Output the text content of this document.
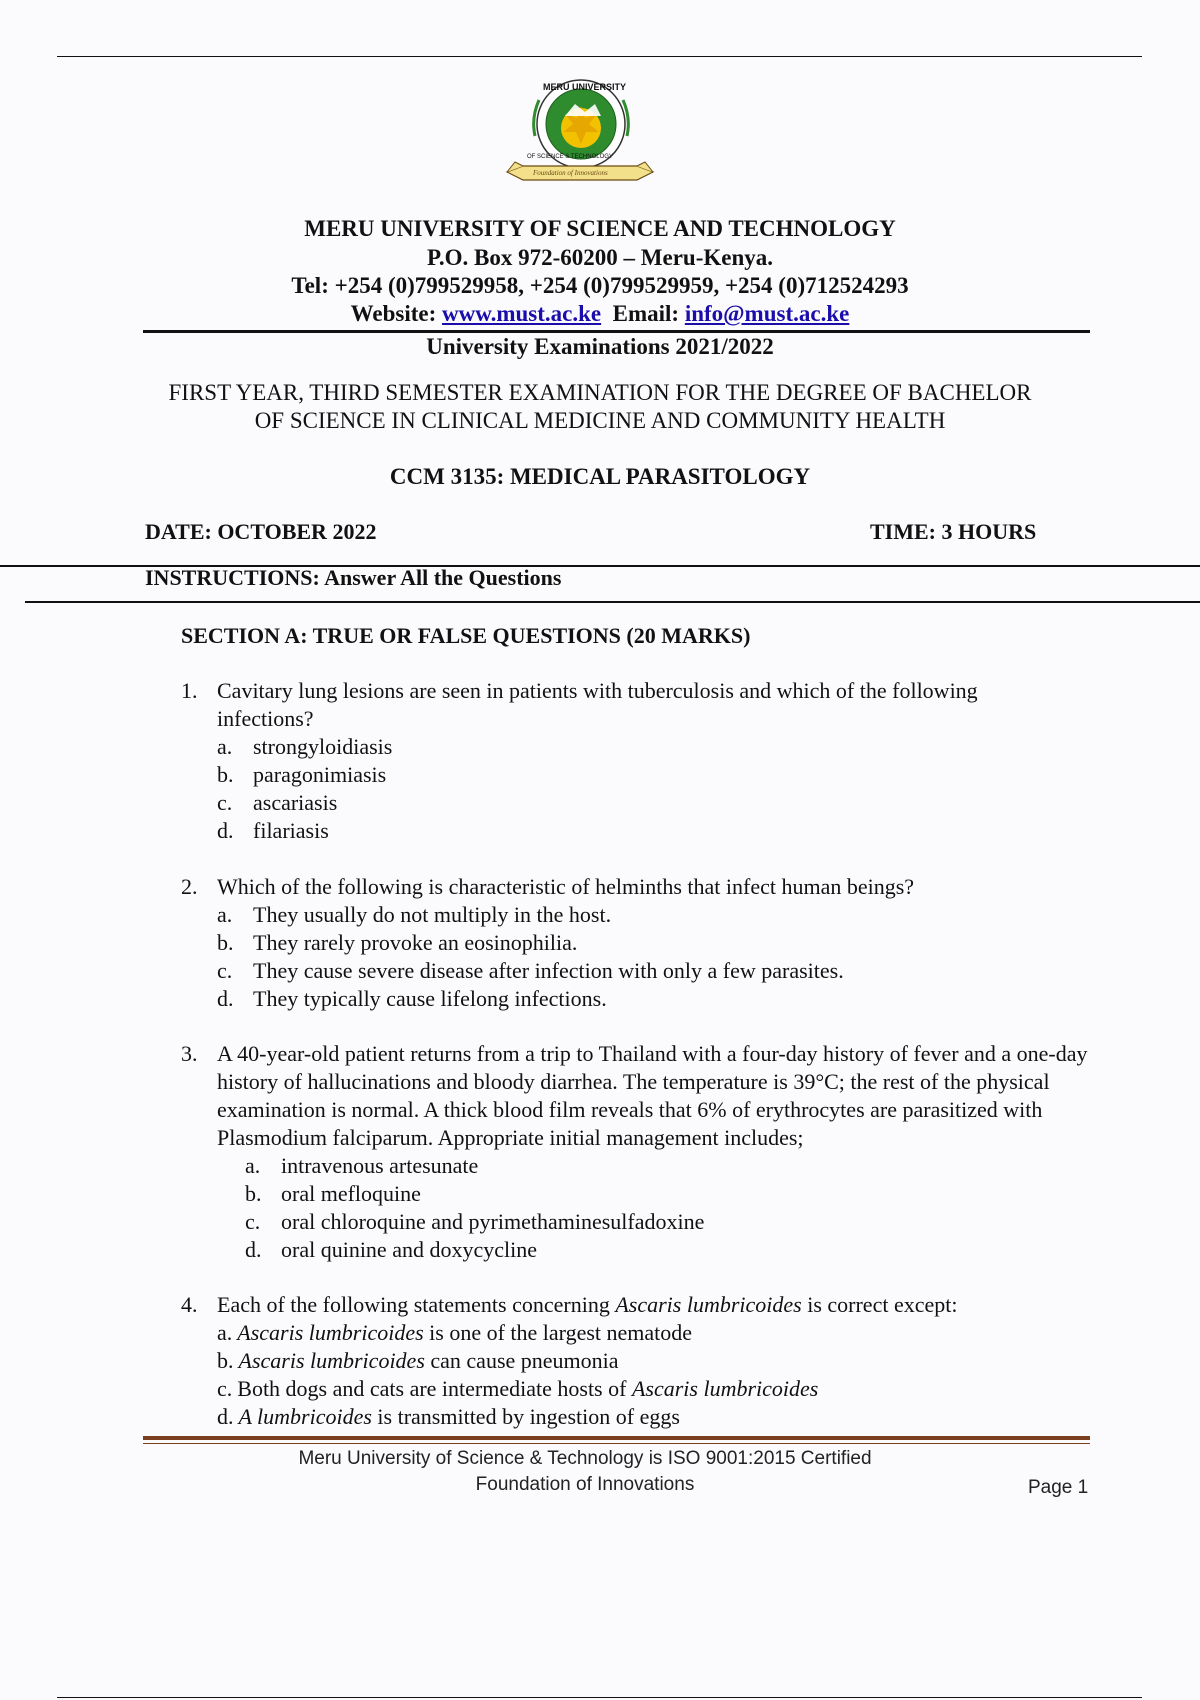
MERU UNIVERSITY
OF SCIENCE & TECHNOLOGY
Foundation of Innovations
MERU UNIVERSITY OF SCIENCE AND TECHNOLOGY
P.O. Box 972-60200 – Meru-Kenya.
Tel: +254 (0)799529958, +254 (0)799529959, +254 (0)712524293
Website: www.must.ac.ke Email: info@must.ac.ke
University Examinations 2021/2022
FIRST YEAR, THIRD SEMESTER EXAMINATION FOR THE DEGREE OF BACHELOR
OF SCIENCE IN CLINICAL MEDICINE AND COMMUNITY HEALTH
CCM 3135: MEDICAL PARASITOLOGY
DATE: OCTOBER 2022	TIME: 3 HOURS
INSTRUCTIONS: Answer All the Questions
SECTION A: TRUE OR FALSE QUESTIONS (20 MARKS)
1. Cavitary lung lesions are seen in patients with tuberculosis and which of the following infections?
a. strongyloidiasis
b. paragonimiasis
c. ascariasis
d. filariasis
2. Which of the following is characteristic of helminths that infect human beings?
a. They usually do not multiply in the host.
b. They rarely provoke an eosinophilia.
c. They cause severe disease after infection with only a few parasites.
d. They typically cause lifelong infections.
3. A 40-year-old patient returns from a trip to Thailand with a four-day history of fever and a one-day history of hallucinations and bloody diarrhea. The temperature is 39°C; the rest of the physical examination is normal. A thick blood film reveals that 6% of erythrocytes are parasitized with Plasmodium falciparum. Appropriate initial management includes;
a. intravenous artesunate
b. oral mefloquine
c. oral chloroquine and pyrimethaminesulfadoxine
d. oral quinine and doxycycline
4. Each of the following statements concerning Ascaris lumbricoides is correct except:
a. Ascaris lumbricoides is one of the largest nematode
b. Ascaris lumbricoides can cause pneumonia
c. Both dogs and cats are intermediate hosts of Ascaris lumbricoides
d. A lumbricoides is transmitted by ingestion of eggs
Meru University of Science & Technology is ISO 9001:2015 Certified
Foundation of Innovations	Page 1
